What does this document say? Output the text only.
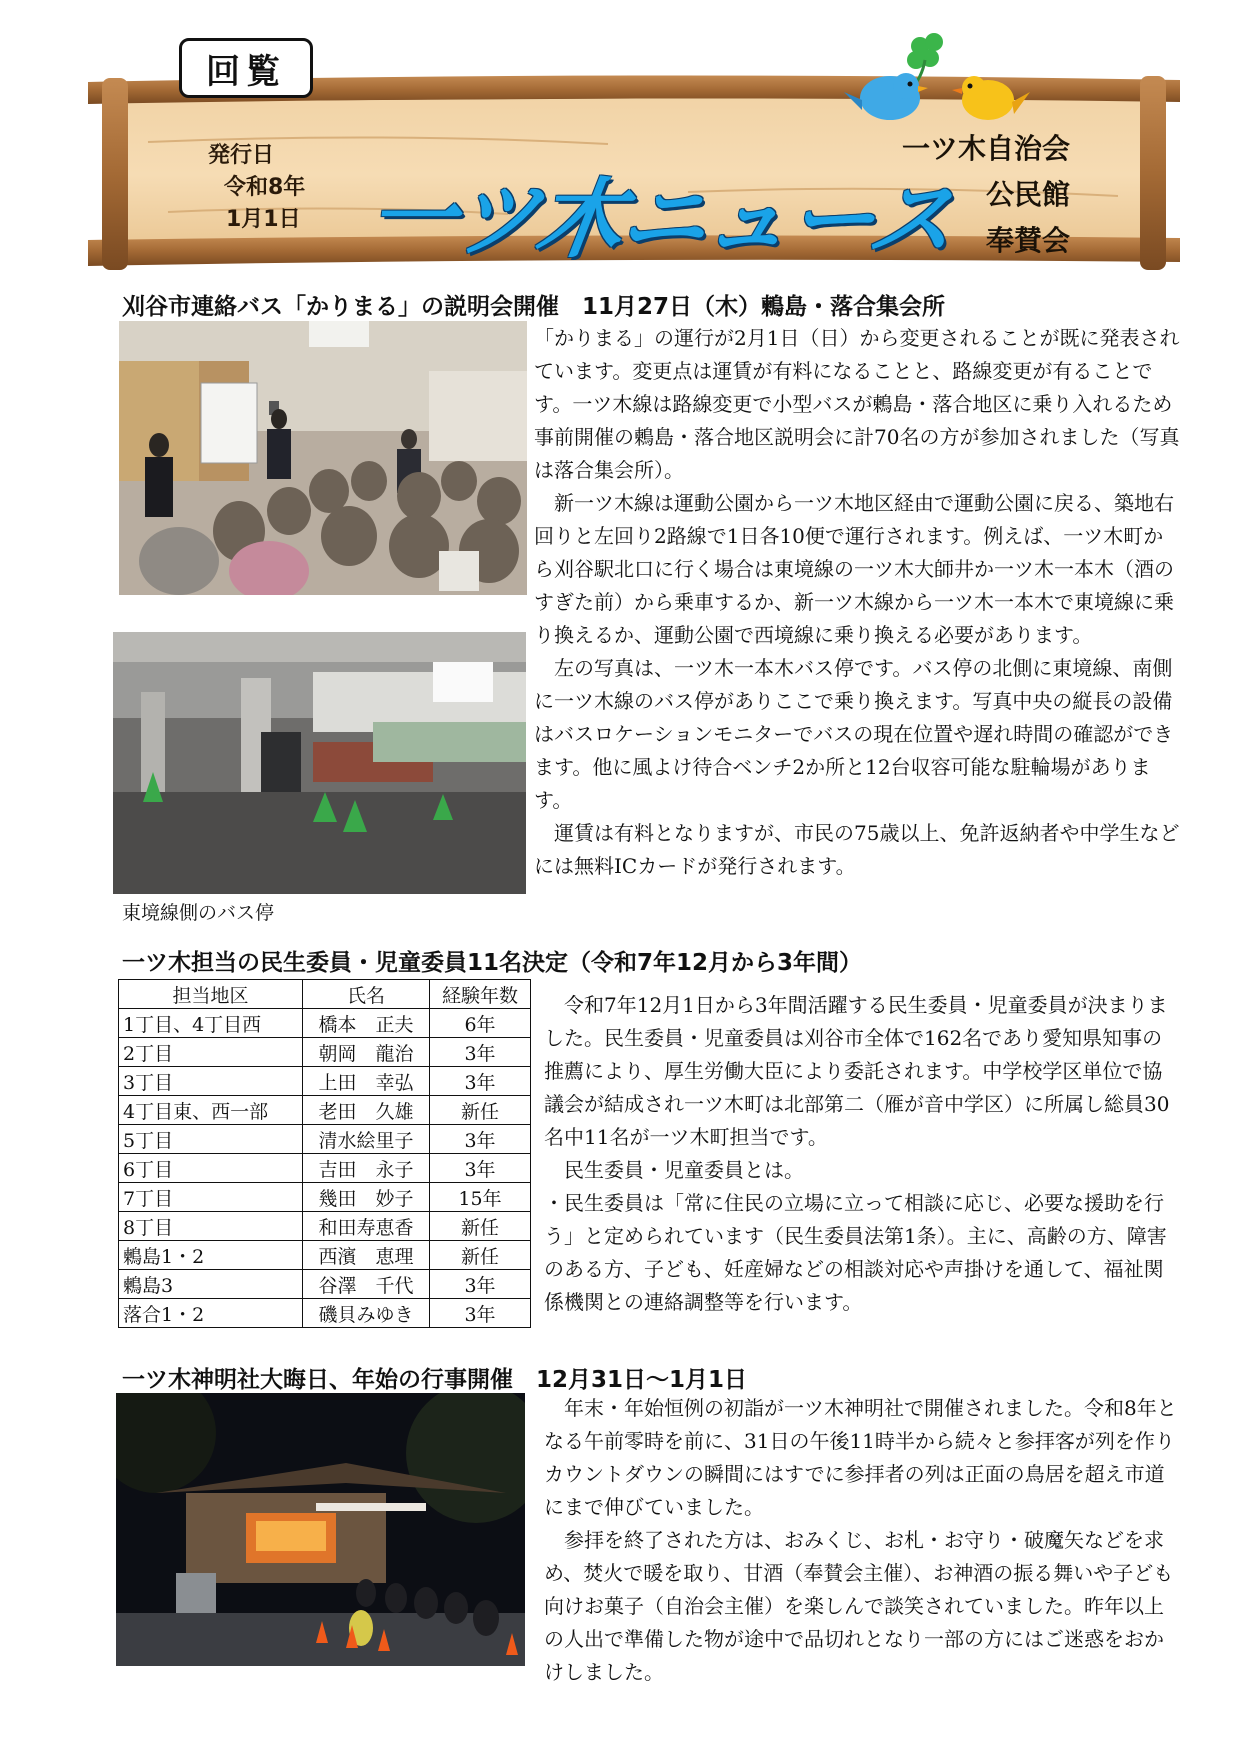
回覧
発行日
令和8年
1月1日 一ツ木ニュース
一ツ木自治会
公民館
奉賛会
刈谷市連絡バス「かりまる」の説明会開催　11月27日（木）鶫島・落合集会所
東境線側のバス停

「かりまる」の運行が2月1日（日）から変更されることが既に発表されています。変更点は運賃が有料になることと、路線変更が有ることです。一ツ木線は路線変更で小型バスが鶫島・落合地区に乗り入れるため事前開催の鶫島・落合地区説明会に計70名の方が参加されました（写真は落合集会所）。

新一ツ木線は運動公園から一ツ木地区経由で運動公園に戻る、築地右回りと左回り2路線で1日各10便で運行されます。例えば、一ツ木町から刈谷駅北口に行く場合は東境線の一ツ木大師井か一ツ木一本木（酒のすぎた前）から乗車するか、新一ツ木線から一ツ木一本木で東境線に乗り換えるか、運動公園で西境線に乗り換える必要があります。

左の写真は、一ツ木一本木バス停です。バス停の北側に東境線、南側に一ツ木線のバス停がありここで乗り換えます。写真中央の縦長の設備はバスロケーションモニターでバスの現在位置や遅れ時間の確認ができます。他に風よけ待合ベンチ2か所と12台収容可能な駐輪場があります。

運賃は有料となりますが、市民の75歳以上、免許返納者や中学生などには無料ICカードが発行されます。

一ツ木担当の民生委員・児童委員11名決定（令和7年12月から3年間）
担当地区	氏名	経験年数
1丁目、4丁目西	橋本　正夫	6年
2丁目	朝岡　龍治	3年
3丁目	上田　幸弘	3年
4丁目東、西一部	老田　久雄	新任
5丁目	清水絵里子	3年
6丁目	吉田　永子	3年
7丁目	幾田　妙子	15年
8丁目	和田寿恵香	新任
鶫島1・2	西濱　恵理	新任
鶫島3	谷澤　千代	3年
落合1・2	磯貝みゆき	3年

令和7年12月1日から3年間活躍する民生委員・児童委員が決まりました。民生委員・児童委員は刈谷市全体で162名であり愛知県知事の推薦により、厚生労働大臣により委託されます。中学校学区単位で協議会が結成され一ツ木町は北部第二（雁が音中学区）に所属し総員30名中11名が一ツ木町担当です。

民生委員・児童委員とは。

・民生委員は「常に住民の立場に立って相談に応じ、必要な援助を行う」と定められています（民生委員法第1条）。主に、高齢の方、障害のある方、子ども、妊産婦などの相談対応や声掛けを通して、福祉関係機関との連絡調整等を行います。

一ツ木神明社大晦日、年始の行事開催　12月31日～1月1日

年末・年始恒例の初詣が一ツ木神明社で開催されました。令和8年となる午前零時を前に、31日の午後11時半から続々と参拝客が列を作りカウントダウンの瞬間にはすでに参拝者の列は正面の鳥居を超え市道にまで伸びていました。

参拝を終了された方は、おみくじ、お札・お守り・破魔矢などを求め、焚火で暖を取り、甘酒（奉賛会主催）、お神酒の振る舞いや子ども向けお菓子（自治会主催）を楽しんで談笑されていました。昨年以上の人出で準備した物が途中で品切れとなり一部の方にはご迷惑をおかけしました。
